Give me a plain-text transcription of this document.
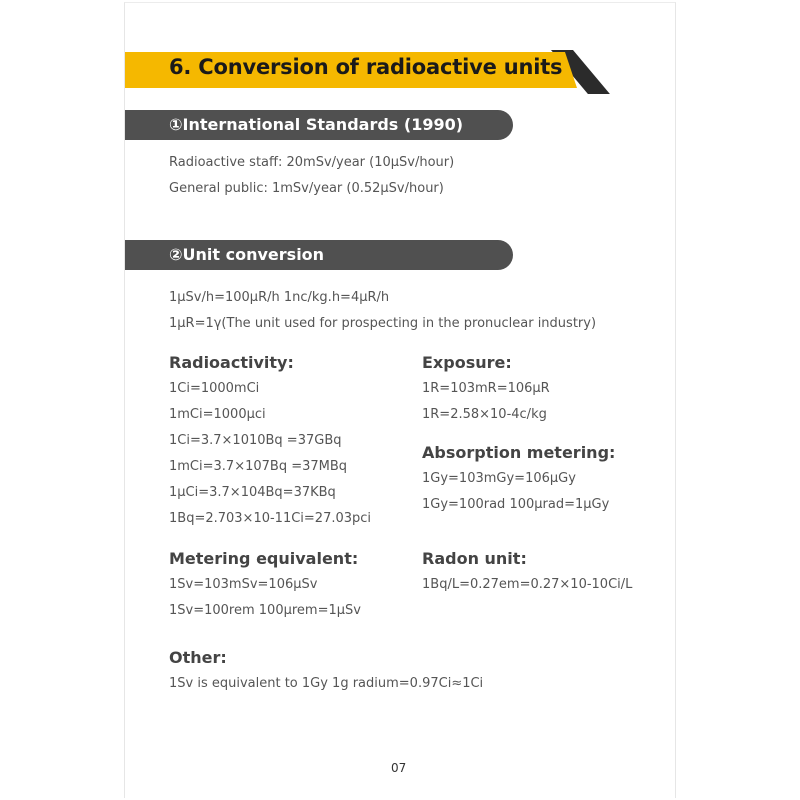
6. Conversion of radioactive units
①International Standards (1990)
Radioactive staff: 20mSv/year (10μSv/hour)
General public: 1mSv/year (0.52μSv/hour)
②Unit conversion
1μSv/h=100μR/h 1nc/kg.h=4μR/h
1μR=1γ(The unit used for prospecting in the pronuclear industry)
Radioactivity:
1Ci=1000mCi
1mCi=1000μci
1Ci=3.7×1010Bq =37GBq
1mCi=3.7×107Bq =37MBq
1μCi=3.7×104Bq=37KBq
1Bq=2.703×10-11Ci=27.03pci
Exposure:
1R=103mR=106μR
1R=2.58×10-4c/kg
Absorption metering:
1Gy=103mGy=106μGy
1Gy=100rad 100μrad=1μGy
Metering equivalent:
1Sv=103mSv=106μSv
1Sv=100rem 100μrem=1μSv
Radon unit:
1Bq/L=0.27em=0.27×10-10Ci/L
Other:
1Sv is equivalent to 1Gy 1g radium=0.97Ci≈1Ci
07
